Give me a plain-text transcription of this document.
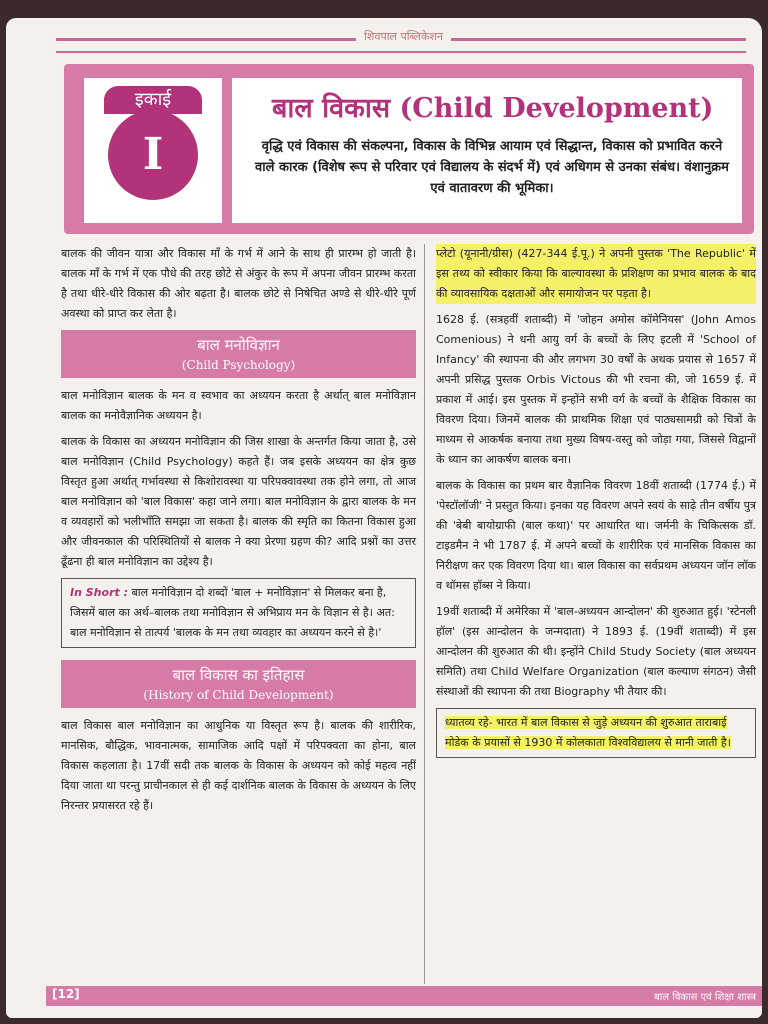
शिवपाल पब्लिकेशन
इकाई
I
बाल विकास (Child Development)

वृद्धि एवं विकास की संकल्पना, विकास के विभिन्न आयाम एवं सिद्धान्त, विकास को प्रभावित करने वाले कारक (विशेष रूप से परिवार एवं विद्यालय के संदर्भ में) एवं अधिगम से उनका संबंध। वंशानुक्रम एवं वातावरण की भूमिका।

बालक की जीवन यात्रा और विकास माँ के गर्भ में आने के साथ ही प्रारम्भ हो जाती है। बालक माँ के गर्भ में एक पौधे की तरह छोटे से अंकुर के रूप में अपना जीवन प्रारम्भ करता है तथा धीरे-धीरे विकास की ओर बढ़ता है। बालक छोटे से निषेचित अण्डे से धीरे-धीरे पूर्ण अवस्था को प्राप्त कर लेता है।

बाल मनोविज्ञान
(Child Psychology)

बाल मनोविज्ञान बालक के मन व स्वभाव का अध्ययन करता है अर्थात् बाल मनोविज्ञान बालक का मनोवैज्ञानिक अध्ययन है।

बालक के विकास का अध्ययन मनोविज्ञान की जिस शाखा के अन्तर्गत किया जाता है, उसे बाल मनोविज्ञान (Child Psychology) कहते हैं। जब इसके अध्ययन का क्षेत्र कुछ विस्तृत हुआ अर्थात् गर्भावस्था से किशोरावस्था या परिपक्वावस्था तक होने लगा, तो आज बाल मनोविज्ञान को 'बाल विकास' कहा जाने लगा। बाल मनोविज्ञान के द्वारा बालक के मन व व्यवहारों को भलीभाँति समझा जा सकता है। बालक की स्मृति का कितना विकास हुआ और जीवनकाल की परिस्थितियों से बालक ने क्या प्रेरणा ग्रहण की? आदि प्रश्नों का उत्तर ढूँढना ही बाल मनोविज्ञान का उद्देश्य है।

In Short : बाल मनोविज्ञान दो शब्दों 'बाल + मनोविज्ञान' से मिलकर बना है, जिसमें बाल का अर्थ–बालक तथा मनोविज्ञान से अभिप्राय मन के विज्ञान से है। अत: बाल मनोविज्ञान से तात्पर्य 'बालक के मन तथा व्यवहार का अध्ययन करने से है।'
बाल विकास का इतिहास
(History of Child Development)

बाल विकास बाल मनोविज्ञान का आधुनिक या विस्तृत रूप है। बालक की शारीरिक, मानसिक, बौद्धिक, भावनात्मक, सामाजिक आदि पक्षों में परिपक्वता का होना, बाल विकास कहलाता है। 17वीं सदी तक बालक के विकास के अध्ययन को कोई महत्व नहीं दिया जाता था परन्तु प्राचीनकाल से ही कई दार्शनिक बालक के विकास के अध्ययन के लिए निरन्तर प्रयासरत रहे हैं।

प्लेटो (यूनानी/ग्रीस) (427-344 ई.पू.) ने अपनी पुस्तक 'The Republic' में इस तथ्य को स्वीकार किया कि बाल्यावस्था के प्रशिक्षण का प्रभाव बालक के बाद की व्यावसायिक दक्षताओं और समायोजन पर पड़ता है।

1628 ई. (सत्रहवीं शताब्दी) में 'जोहन अमोस कॉमेनियस' (John Amos Comenious) ने धनी आयु वर्ग के बच्चों के लिए इटली में 'School of Infancy' की स्थापना की और लगभग 30 वर्षों के अथक प्रयास से 1657 में अपनी प्रसिद्ध पुस्तक Orbis Victous की भी रचना की, जो 1659 ई. में प्रकाश में आई। इस पुस्तक में इन्होंने सभी वर्ग के बच्चों के शैक्षिक विकास का विवरण दिया। जिनमें बालक की प्राथमिक शिक्षा एवं पाठ्यसामग्री को चित्रों के माध्यम से आकर्षक बनाया तथा मुख्य विषय-वस्तु को जोड़ा गया, जिससे विद्वानों के ध्यान का आकर्षण बालक बना।

बालक के विकास का प्रथम बार वैज्ञानिक विवरण 18वीं शताब्दी (1774 ई.) में 'पेस्टॉलॉजी' ने प्रस्तुत किया। इनका यह विवरण अपने स्वयं के साढ़े तीन वर्षीय पुत्र की 'बेबी बायोग्राफी (बाल कथा)' पर आधारित था। जर्मनी के चिकित्सक डॉ. टाइडमैन ने भी 1787 ई. में अपने बच्चों के शारीरिक एवं मानसिक विकास का निरीक्षण कर एक विवरण दिया था। बाल विकास का सर्वप्रथम अध्ययन जॉन लॉक व थॉमस हॉब्स ने किया।

19वीं शताब्दी में अमेरिका में 'बाल-अध्ययन आन्दोलन' की शुरुआत हुई। 'स्टेनली हॉल' (इस आन्दोलन के जन्मदाता) ने 1893 ई. (19वीं शताब्दी) में इस आन्दोलन की शुरुआत की थी। इन्होंने Child Study Society (बाल अध्ययन समिति) तथा Child Welfare Organization (बाल कल्याण संगठन) जैसी संस्थाओं की स्थापना की तथा Biography भी तैयार की।

ध्यातव्य रहे- भारत में बाल विकास से जुड़े अध्ययन की शुरुआत ताराबाई मोडेक के प्रयासों से 1930 में कोलकाता विश्वविद्यालय से मानी जाती है।
[12]	बाल विकास एवं शिक्षा शास्त्र
